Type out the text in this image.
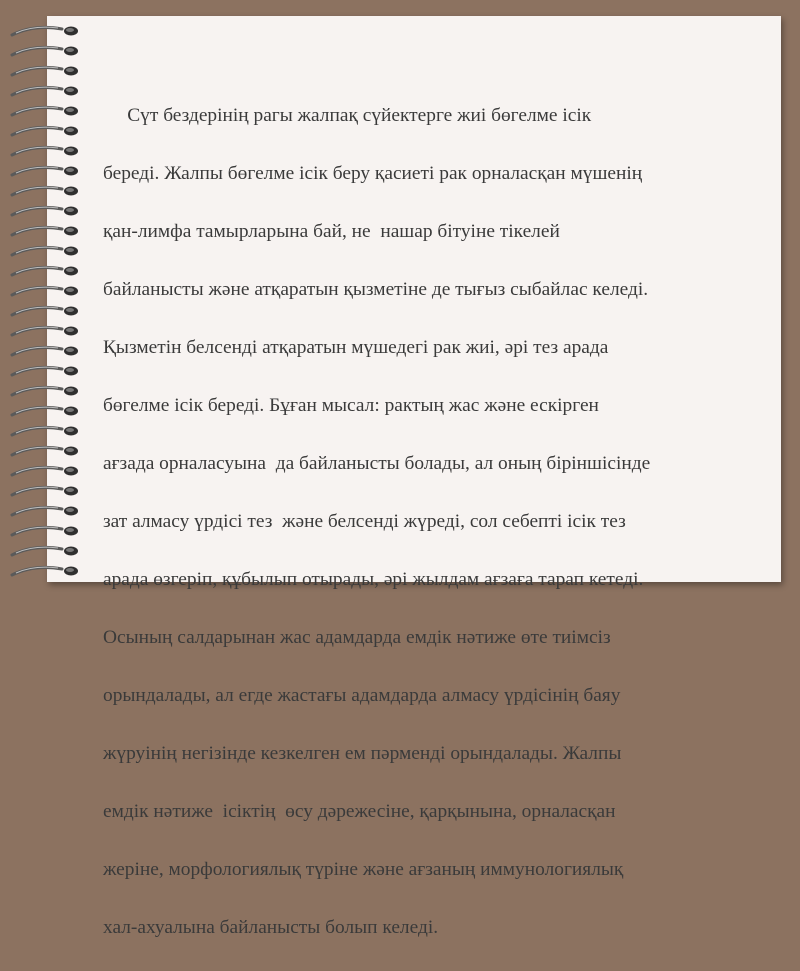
Сүт бездерінің рагы жалпақ сүйектерге жиі бөгелме ісік

береді. Жалпы бөгелме ісік беру қасиеті рак орналасқан мүшенің

қан-лимфа тамырларына бай, не  нашар бітуіне тікелей

байланысты және атқаратын қызметіне де тығыз сыбайлас келеді.

Қызметін белсенді атқаратын мүшедегі рак жиі, әрі тез арада

бөгелме ісік береді. Бұған мысал: рактың жас және ескірген

ағзада орналасуына  да байланысты болады, ал оның біріншісінде

зат алмасу үрдісі тез  және белсенді жүреді, сол себепті ісік тез

арада өзгеріп, құбылып отырады, әрі жылдам ағзаға тарап кетеді.

Осының салдарынан жас адамдарда емдік нәтиже өте тиімсіз

орындалады, ал егде жастағы адамдарда алмасу үрдісінің баяу

жүруінің негізінде кезкелген ем пәрменді орындалады. Жалпы

емдік нәтиже  ісіктің  өсу дәрежесіне, қарқынына, орналасқан

жеріне, морфологиялық түріне және ағзаның иммунологиялық

хал-ахуалына байланысты болып келеді.
